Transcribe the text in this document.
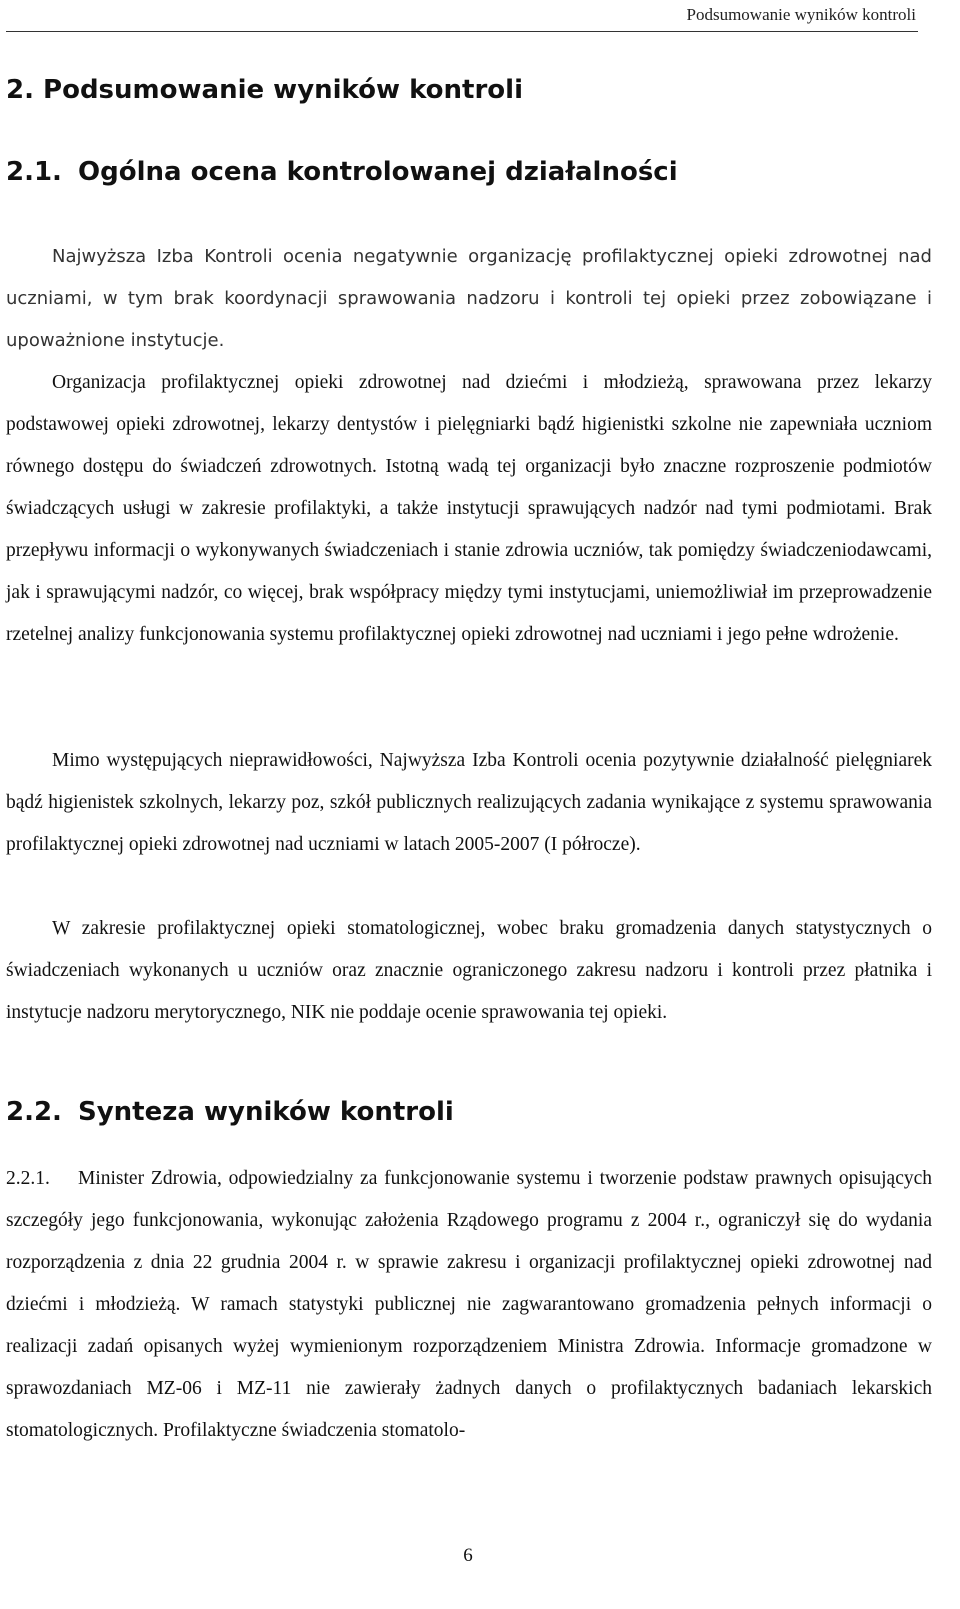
Podsumowanie wyników kontroli
2. Podsumowanie wyników kontroli
2.1. Ogólna ocena kontrolowanej działalności

Najwyższa Izba Kontroli ocenia negatywnie organizację profilaktycznej opieki zdrowotnej nad uczniami, w tym brak koordynacji sprawowania nadzoru i kontroli tej opieki przez zobowiązane i upoważnione instytucje.

Organizacja profilaktycznej opieki zdrowotnej nad dziećmi i młodzieżą, sprawowana przez lekarzy podstawowej opieki zdrowotnej, lekarzy dentystów i pielęgniarki bądź higienistki szkolne nie zapewniała uczniom równego dostępu do świadczeń zdrowotnych. Istotną wadą tej organizacji było znaczne rozproszenie podmiotów świadczących usługi w zakresie profilaktyki, a także instytucji sprawujących nadzór nad tymi podmiotami. Brak przepływu informacji o wykonywanych świadczeniach i stanie zdrowia uczniów, tak pomiędzy świadczeniodawcami, jak i sprawującymi nadzór, co więcej, brak współpracy między tymi instytucjami, uniemożliwiał im przeprowadzenie rzetelnej analizy funkcjonowania systemu profilaktycznej opieki zdrowotnej nad uczniami i jego pełne wdrożenie.

Mimo występujących nieprawidłowości, Najwyższa Izba Kontroli ocenia pozytywnie działalność pielęgniarek bądź higienistek szkolnych, lekarzy poz, szkół publicznych realizujących zadania wynikające z systemu sprawowania profilaktycznej opieki zdrowotnej nad uczniami w latach 2005-2007 (I półrocze).

W zakresie profilaktycznej opieki stomatologicznej, wobec braku gromadzenia danych statystycznych o świadczeniach wykonanych u uczniów oraz znacznie ograniczonego zakresu nadzoru i kontroli przez płatnika i instytucje nadzoru merytorycznego, NIK nie poddaje ocenie sprawowania tej opieki.

2.2. Synteza wyników kontroli

2.2.1. Minister Zdrowia, odpowiedzialny za funkcjonowanie systemu i tworzenie podstaw prawnych opisujących szczegóły jego funkcjonowania, wykonując założenia Rządowego programu z 2004 r., ograniczył się do wydania rozporządzenia z dnia 22 grudnia 2004 r. w sprawie zakresu i organizacji profilaktycznej opieki zdrowotnej nad dziećmi i młodzieżą. W ramach statystyki publicznej nie zagwarantowano gromadzenia pełnych informacji o realizacji zadań opisanych wyżej wymienionym rozporządzeniem Ministra Zdrowia. Informacje gromadzone w sprawozdaniach MZ-06 i MZ-11 nie zawierały żadnych danych o profilaktycznych badaniach lekarskich stomatologicznych. Profilaktyczne świadczenia stomatolo-

6
